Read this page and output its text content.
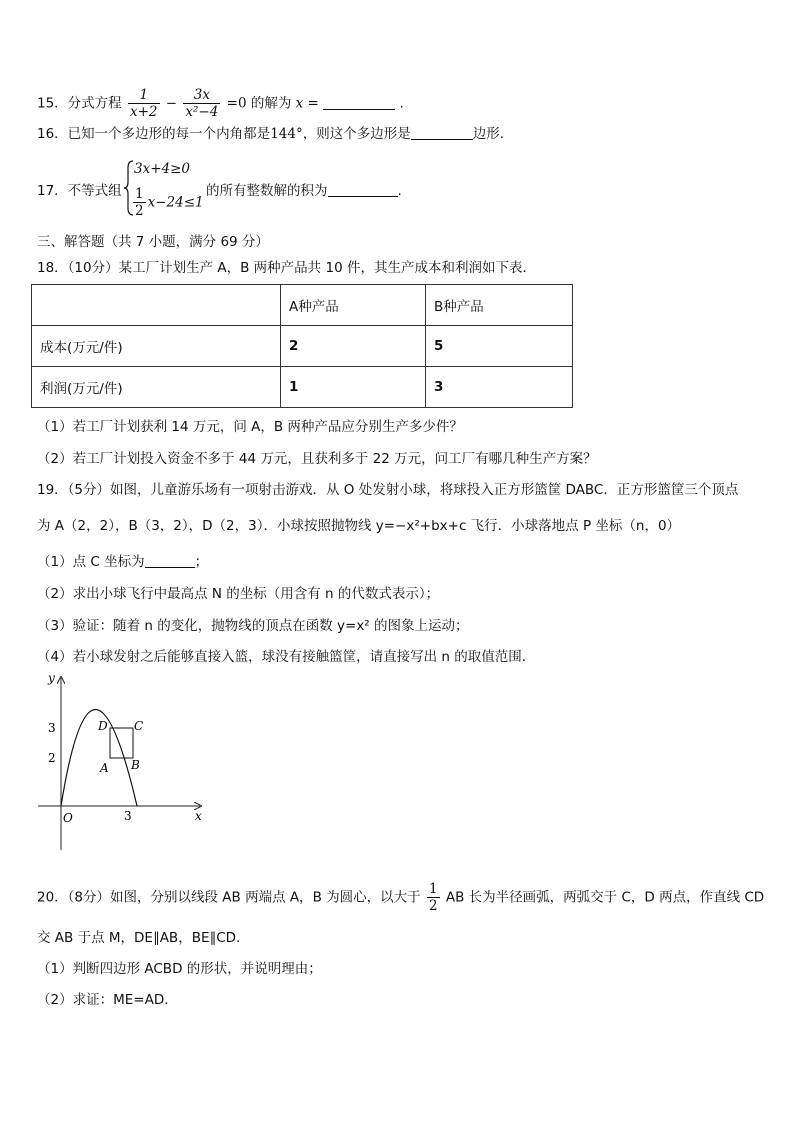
15．分式方程 $\frac{1}{x+2} - \frac{3x}{\text{x²−4}} =0$ 的解为 x =	.
16．已知一个多边形的每一个内角都是144°，则这个多边形是	边形.
17．不等式组
3x+4≥0
$\frac{1}{2} x-24\le 1$
的所有整数解的积为	.
三、解答题（共 7 小题，满分 69 分）
18．（10分）某工厂计划生产 A，B 两种产品共 10 件，其生产成本和利润如下表．
	A种产品	B种产品
成本(万元/件)	2	5
利润(万元/件)	1	3
（1）若工厂计划获利 14 万元，问 A，B 两种产品应分别生产多少件？
（2）若工厂计划投入资金不多于 44 万元，且获利多于 22 万元，问工厂有哪几种生产方案？
19．（5分）如图，儿童游乐场有一项射击游戏．从 O 处发射小球，将球投入正方形篮筐 DABC．正方形篮筐三个顶点
为 A（2，2），B（3，2），D（2，3）．小球按照抛物线 y=−x²+bx+c 飞行．小球落地点 P 坐标（n，0）
（1）点 C 坐标为	；
（2）求出小球飞行中最高点 N 的坐标（用含有 n 的代数式表示）；
（3）验证：随着 n 的变化，抛物线的顶点在函数 y=x² 的图象上运动；
（4）若小球发射之后能够直接入篮，球没有接触篮筐，请直接写出 n 的取值范围．
y
x
O
3
2
3
D C
A B
20．（8分）如图，分别以线段 AB 两端点 A，B 为圆心，以大于 $\frac{1}{2}$ AB 长为半径画弧，两弧交于 C，D 两点，作直线 CD
交 AB 于点 M，DE∥AB，BE∥CD．
（1）判断四边形 ACBD 的形状，并说明理由；
（2）求证：ME=AD．
